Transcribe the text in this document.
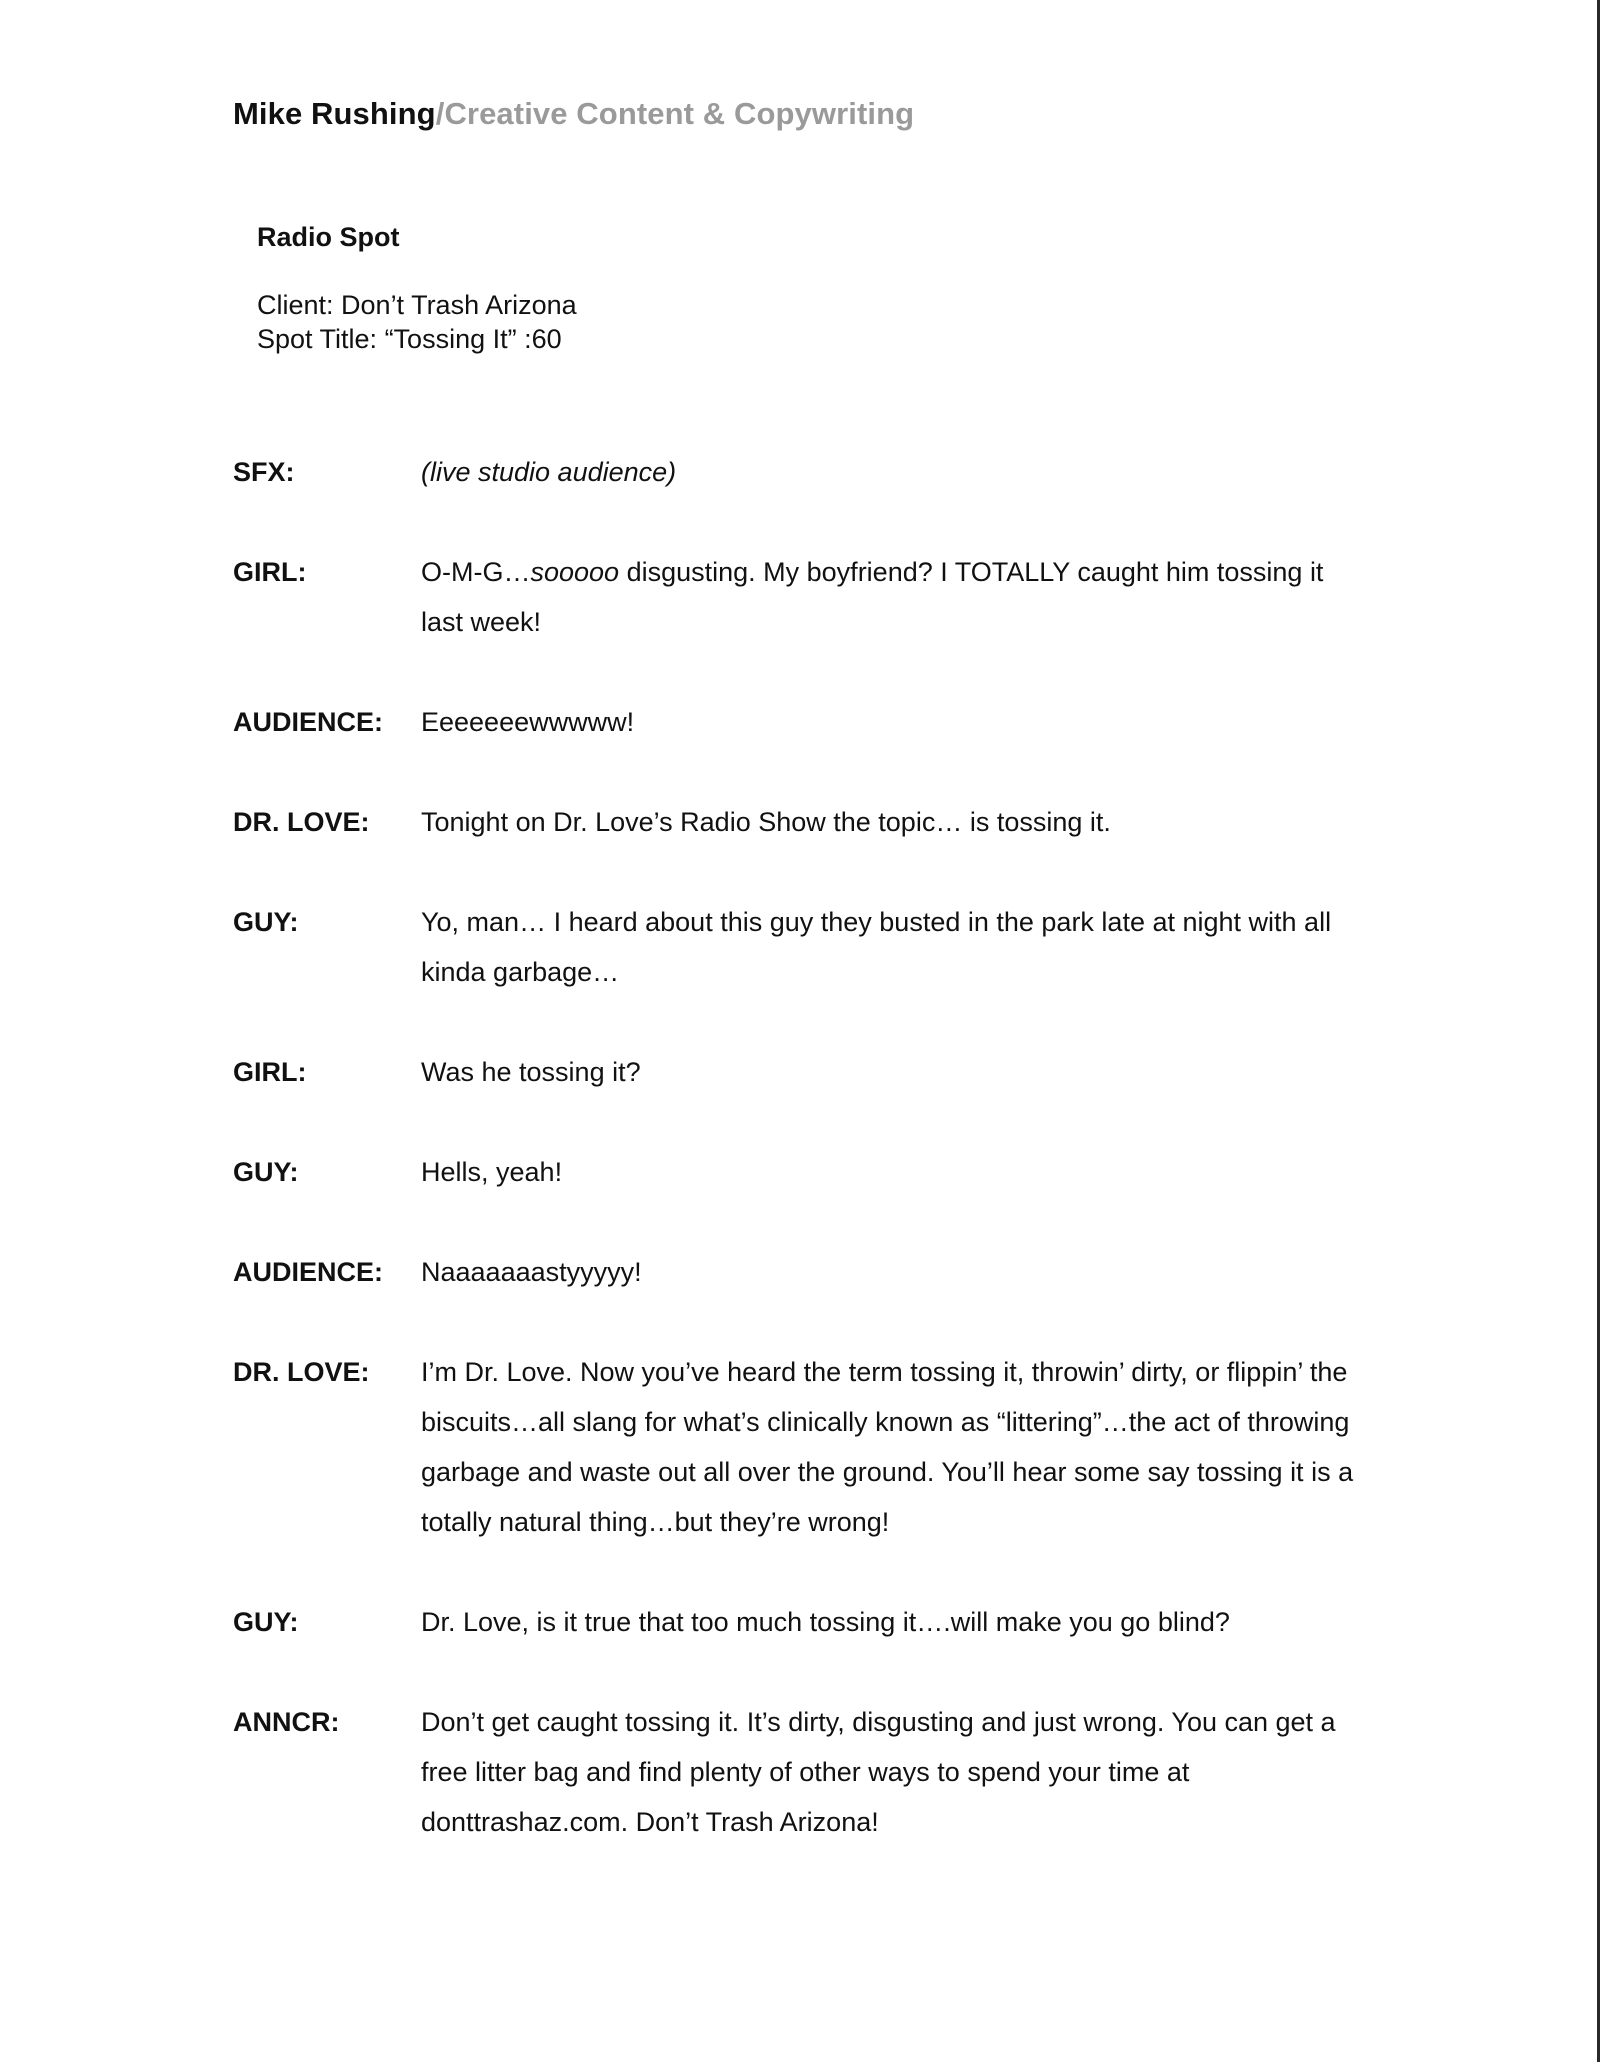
Mike Rushing/Creative Content & Copywriting
Radio Spot
Client: Don’t Trash Arizona
Spot Title: “Tossing It” :60
SFX:	(live studio audience)
GIRL:	O-M-G…sooooo disgusting. My boyfriend? I TOTALLY caught him tossing it last week!
AUDIENCE:	Eeeeeeewwwww!
DR. LOVE:	Tonight on Dr. Love’s Radio Show the topic… is tossing it.
GUY:	Yo, man… I heard about this guy they busted in the park late at night with all kinda garbage…
GIRL:	Was he tossing it?
GUY:	Hells, yeah!
AUDIENCE:	Naaaaaaastyyyyy!
DR. LOVE:	I’m Dr. Love. Now you’ve heard the term tossing it, throwin’ dirty, or flippin’ the biscuits…all slang for what’s clinically known as “littering”…the act of throwing garbage and waste out all over the ground. You’ll hear some say tossing it is a totally natural thing…but they’re wrong!
GUY:	Dr. Love, is it true that too much tossing it….will make you go blind?
ANNCR:	Don’t get caught tossing it. It’s dirty, disgusting and just wrong. You can get a free litter bag and find plenty of other ways to spend your time at donttrashaz.com. Don’t Trash Arizona!
